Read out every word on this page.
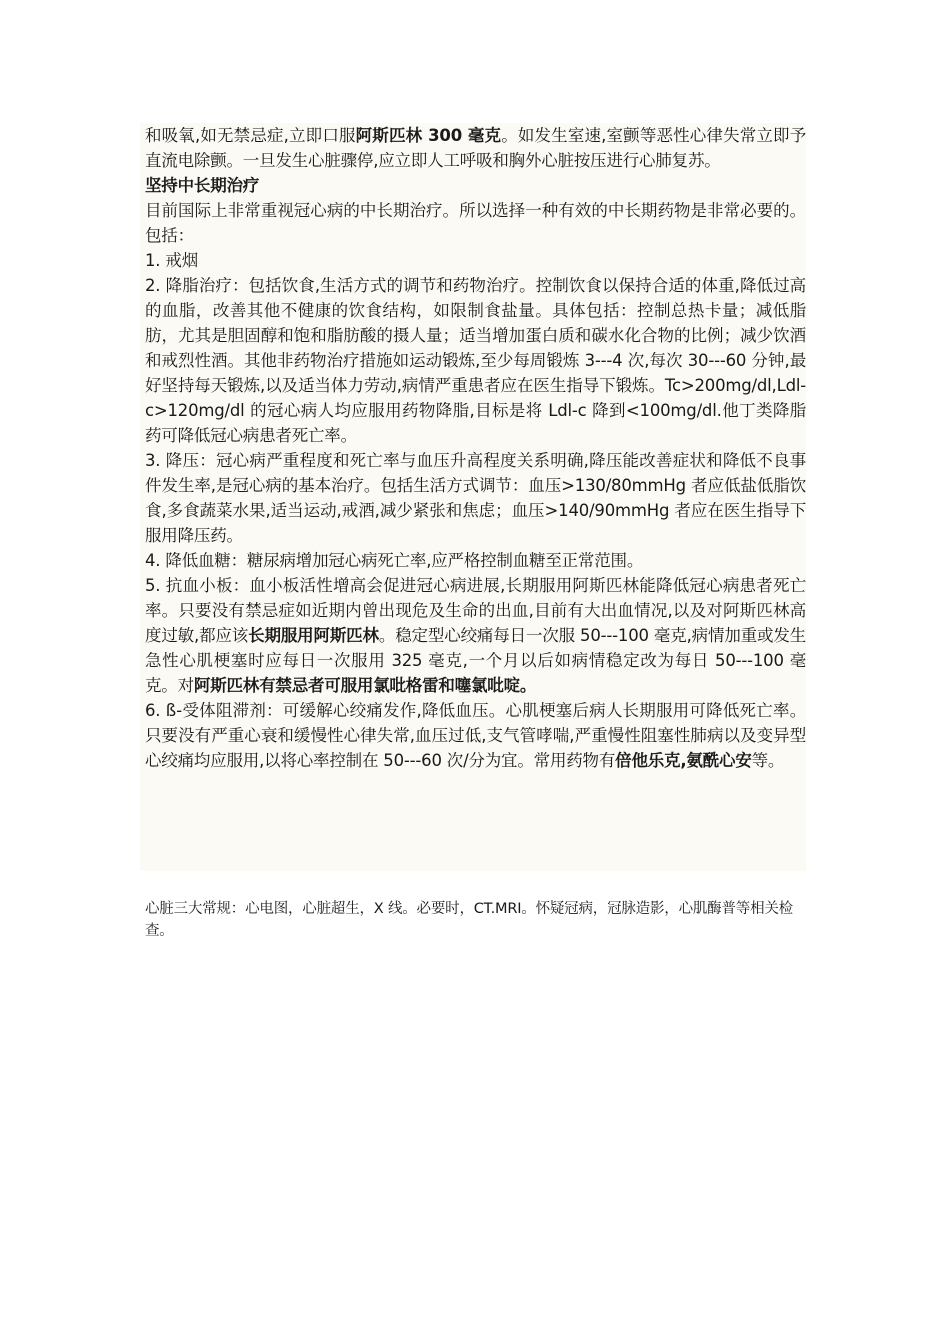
和吸氧,如无禁忌症,立即口服阿斯匹林 300 毫克。如发生室速,室颤等恶性心律失常立即予直流电除颤。一旦发生心脏骤停,应立即人工呼吸和胸外心脏按压进行心肺复苏。

坚持中长期治疗

目前国际上非常重视冠心病的中长期治疗。所以选择一种有效的中长期药物是非常必要的。包括：

1. 戒烟

2. 降脂治疗：包括饮食,生活方式的调节和药物治疗。控制饮食以保持合适的体重,降低过高的血脂，改善其他不健康的饮食结构，如限制食盐量。具体包括：控制总热卡量；减低脂肪，尤其是胆固醇和饱和脂肪酸的摄人量；适当增加蛋白质和碳水化合物的比例；减少饮酒和戒烈性酒。其他非药物治疗措施如运动锻炼,至少每周锻炼 3---4 次,每次 30---60 分钟,最好坚持每天锻炼,以及适当体力劳动,病情严重患者应在医生指导下锻炼。Tc>200mg/dl,Ldl-c>120mg/dl 的冠心病人均应服用药物降脂,目标是将 Ldl-c 降到<100mg/dl.他丁类降脂药可降低冠心病患者死亡率。

3. 降压：冠心病严重程度和死亡率与血压升高程度关系明确,降压能改善症状和降低不良事件发生率,是冠心病的基本治疗。包括生活方式调节：血压>130/80mmHg 者应低盐低脂饮食,多食蔬菜水果,适当运动,戒酒,减少紧张和焦虑；血压>140/90mmHg 者应在医生指导下服用降压药。

4. 降低血糖：糖尿病增加冠心病死亡率,应严格控制血糖至正常范围。

5. 抗血小板：血小板活性增高会促进冠心病进展,长期服用阿斯匹林能降低冠心病患者死亡率。只要没有禁忌症如近期内曾出现危及生命的出血,目前有大出血情况,以及对阿斯匹林高度过敏,都应该长期服用阿斯匹林。稳定型心绞痛每日一次服 50---100 毫克,病情加重或发生急性心肌梗塞时应每日一次服用 325 毫克,一个月以后如病情稳定改为每日 50---100 毫克。对阿斯匹林有禁忌者可服用氯吡格雷和噻氯吡啶。

6. ß-受体阻滞剂：可缓解心绞痛发作,降低血压。心肌梗塞后病人长期服用可降低死亡率。只要没有严重心衰和缓慢性心律失常,血压过低,支气管哮喘,严重慢性阻塞性肺病以及变异型心绞痛均应服用,以将心率控制在 50---60 次/分为宜。常用药物有倍他乐克,氨酰心安等。

心脏三大常规：心电图，心脏超生，X 线。必要时，CT.MRI。怀疑冠病，冠脉造影，心肌酶普等相关检查。
